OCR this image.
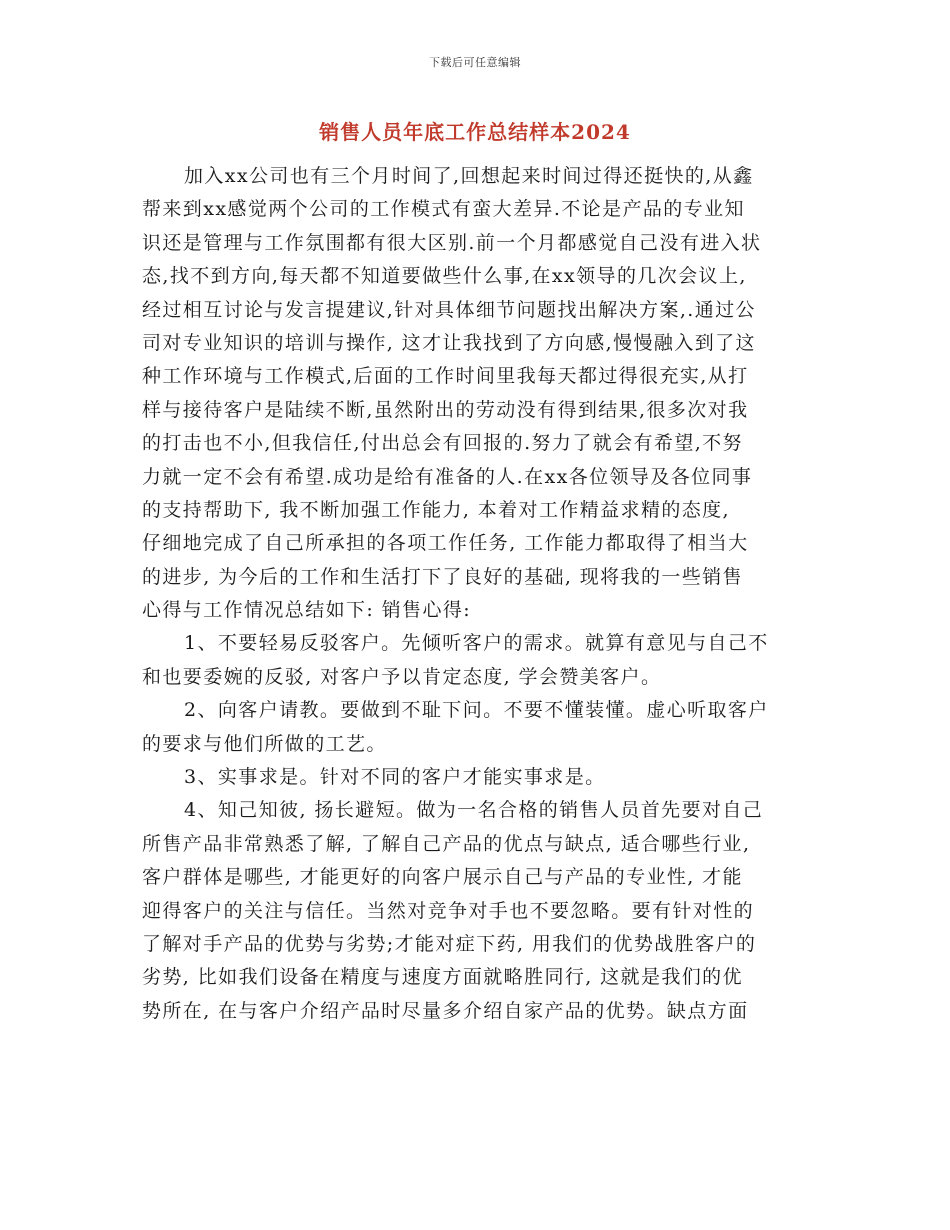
下载后可任意编辑
销售人员年底工作总结样本2024
加入xx公司也有三个月时间了,回想起来时间过得还挺快的,从鑫
帮来到xx感觉两个公司的工作模式有蛮大差异.不论是产品的专业知
识还是管理与工作氛围都有很大区别.前一个月都感觉自己没有进入状
态,找不到方向,每天都不知道要做些什么事,在xx领导的几次会议上,
经过相互讨论与发言提建议,针对具体细节问题找出解决方案,.通过公
司对专业知识的培训与操作, 这才让我找到了方向感,慢慢融入到了这
种工作环境与工作模式,后面的工作时间里我每天都过得很充实,从打
样与接待客户是陆续不断,虽然附出的劳动没有得到结果,很多次对我
的打击也不小,但我信任,付出总会有回报的.努力了就会有希望,不努
力就一定不会有希望.成功是给有准备的人.在xx各位领导及各位同事
的支持帮助下, 我不断加强工作能力, 本着对工作精益求精的态度,
仔细地完成了自己所承担的各项工作任务, 工作能力都取得了相当大
的进步, 为今后的工作和生活打下了良好的基础, 现将我的一些销售
心得与工作情况总结如下: 销售心得:
1、不要轻易反驳客户。先倾听客户的需求。就算有意见与自己不
和也要委婉的反驳, 对客户予以肯定态度, 学会赞美客户。
2、向客户请教。要做到不耻下问。不要不懂装懂。虚心听取客户
的要求与他们所做的工艺。
3、实事求是。针对不同的客户才能实事求是。
4、知己知彼, 扬长避短。做为一名合格的销售人员首先要对自己
所售产品非常熟悉了解, 了解自己产品的优点与缺点, 适合哪些行业,
客户群体是哪些, 才能更好的向客户展示自己与产品的专业性, 才能
迎得客户的关注与信任。当然对竞争对手也不要忽略。要有针对性的
了解对手产品的优势与劣势;才能对症下药, 用我们的优势战胜客户的
劣势, 比如我们设备在精度与速度方面就略胜同行, 这就是我们的优
势所在, 在与客户介绍产品时尽量多介绍自家产品的优势。缺点方面
